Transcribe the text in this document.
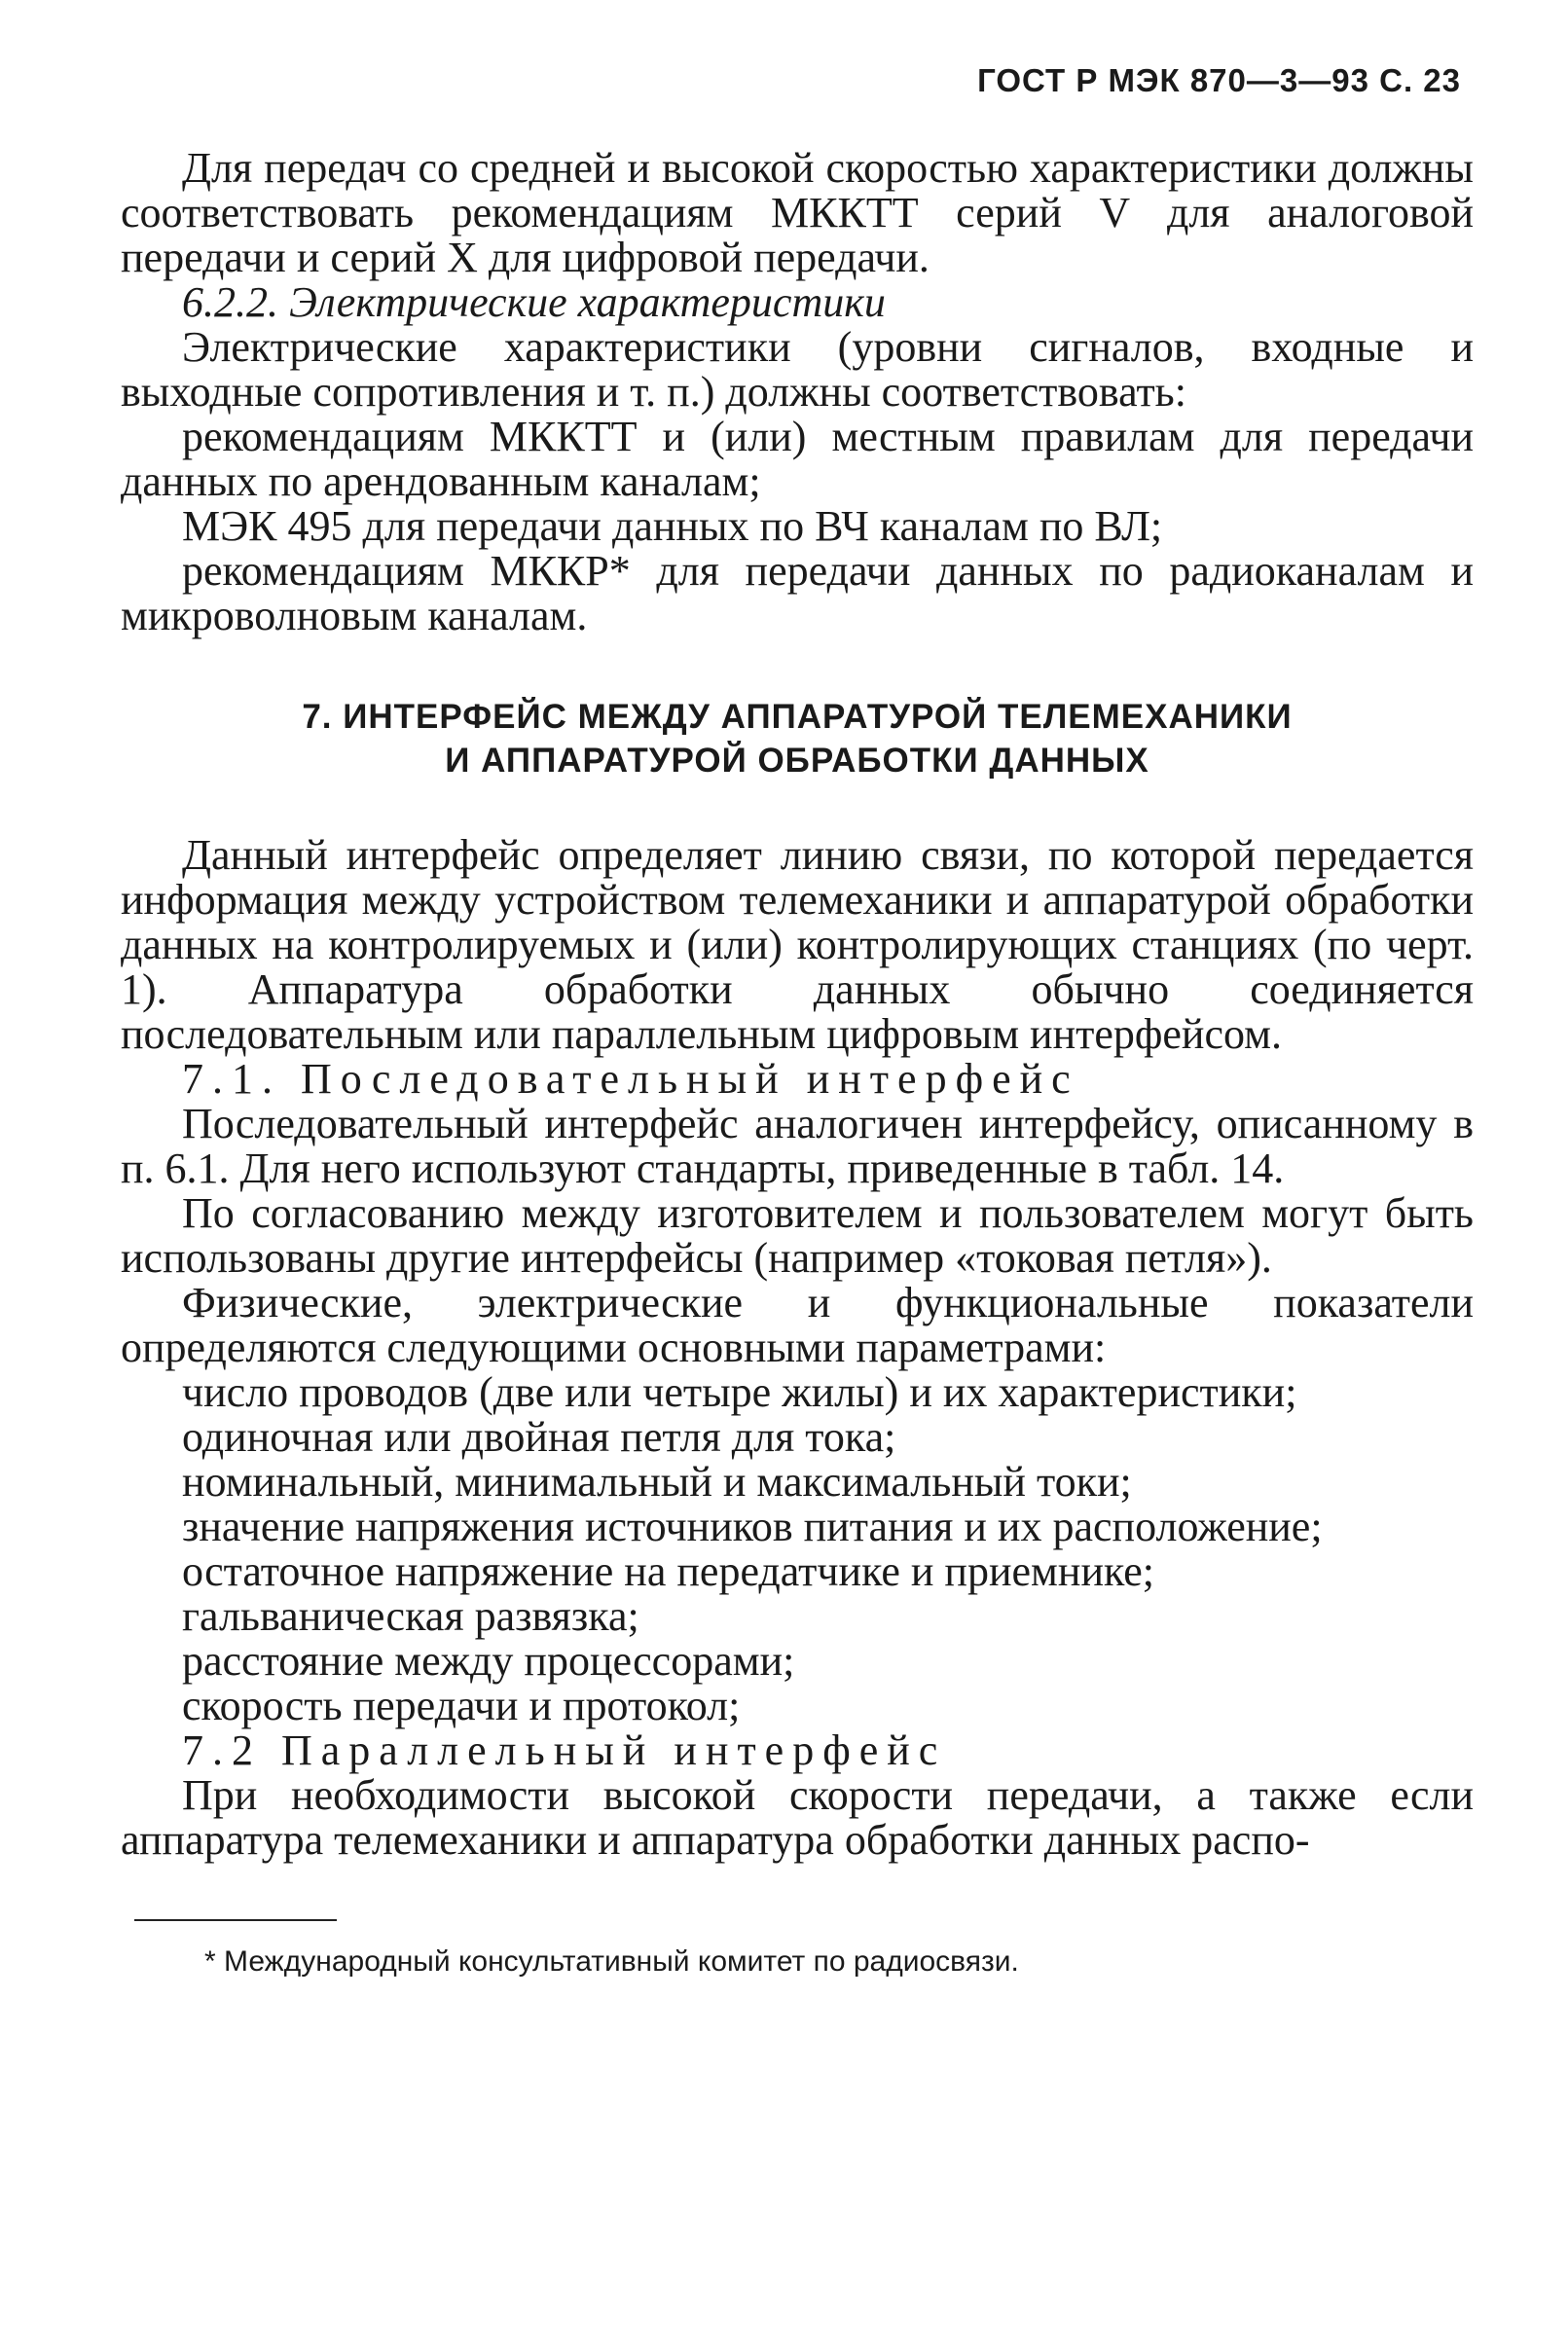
ГОСТ Р МЭК 870—3—93 С. 23

Для передач со средней и высокой скоростью характеристики должны соответствовать рекомендациям МККТТ серий V для аналоговой передачи и серий X для цифровой передачи.

6.2.2. Электрические характеристики

Электрические характеристики (уровни сигналов, входные и выходные сопротивления и т. п.) должны соответствовать:

рекомендациям МККТТ и (или) местным правилам для передачи данных по арендованным каналам;

МЭК 495 для передачи данных по ВЧ каналам по ВЛ;

рекомендациям МККР* для передачи данных по радиоканалам и микроволновым каналам.

7. ИНТЕРФЕЙС МЕЖДУ АППАРАТУРОЙ ТЕЛЕМЕХАНИКИ
И АППАРАТУРОЙ ОБРАБОТКИ ДАННЫХ

Данный интерфейс определяет линию связи, по которой передается информация между устройством телемеханики и аппаратурой обработки данных на контролируемых и (или) контролирующих станциях (по черт. 1). Аппаратура обработки данных обычно соединяется последовательным или параллельным цифровым интерфейсом.

7.1. Последовательный интерфейс

Последовательный интерфейс аналогичен интерфейсу, описанному в п. 6.1. Для него используют стандарты, приведенные в табл. 14.

По согласованию между изготовителем и пользователем могут быть использованы другие интерфейсы (например «токовая петля»).

Физические, электрические и функциональные показатели определяются следующими основными параметрами:

число проводов (две или четыре жилы) и их характеристики;

одиночная или двойная петля для тока;

номинальный, минимальный и максимальный токи;

значение напряжения источников питания и их расположение;

остаточное напряжение на передатчике и приемнике;

гальваническая развязка;

расстояние между процессорами;

скорость передачи и протокол;

7.2 Параллельный интерфейс

При необходимости высокой скорости передачи, а также если аппаратура телемеханики и аппаратура обработки данных распо-

* Международный консультативный комитет по радиосвязи.
